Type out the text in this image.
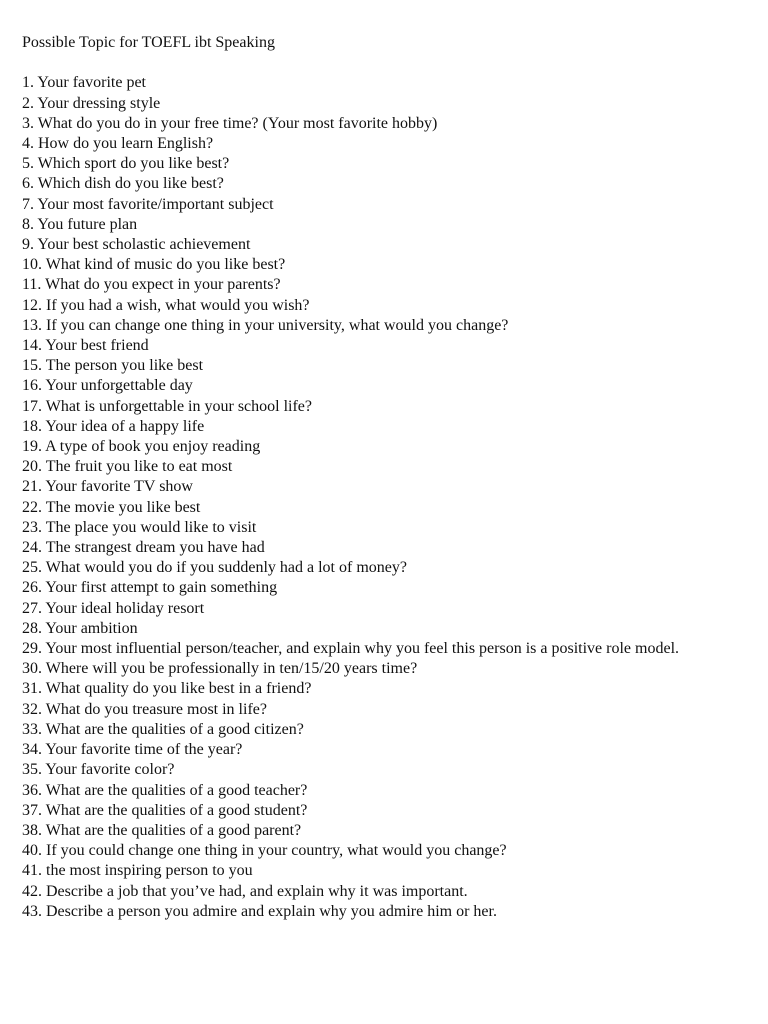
Possible Topic for TOEFL ibt Speaking
1. Your favorite pet
2. Your dressing style
3. What do you do in your free time? (Your most favorite hobby)
4. How do you learn English?
5. Which sport do you like best?
6. Which dish do you like best?
7. Your most favorite/important subject
8. You future plan
9. Your best scholastic achievement
10. What kind of music do you like best?
11. What do you expect in your parents?
12. If you had a wish, what would you wish?
13. If you can change one thing in your university, what would you change?
14. Your best friend
15. The person you like best
16. Your unforgettable day
17. What is unforgettable in your school life?
18. Your idea of a happy life
19. A type of book you enjoy reading
20. The fruit you like to eat most
21. Your favorite TV show
22. The movie you like best
23. The place you would like to visit
24. The strangest dream you have had
25. What would you do if you suddenly had a lot of money?
26. Your first attempt to gain something
27. Your ideal holiday resort
28. Your ambition
29. Your most influential person/teacher, and explain why you feel this person is a positive role model.
30. Where will you be professionally in ten/15/20 years time?
31. What quality do you like best in a friend?
32. What do you treasure most in life?
33. What are the qualities of a good citizen?
34. Your favorite time of the year?
35. Your favorite color?
36. What are the qualities of a good teacher?
37. What are the qualities of a good student?
38. What are the qualities of a good parent?
40. If you could change one thing in your country, what would you change?
41. the most inspiring person to you
42. Describe a job that you’ve had, and explain why it was important.
43. Describe a person you admire and explain why you admire him or her.
